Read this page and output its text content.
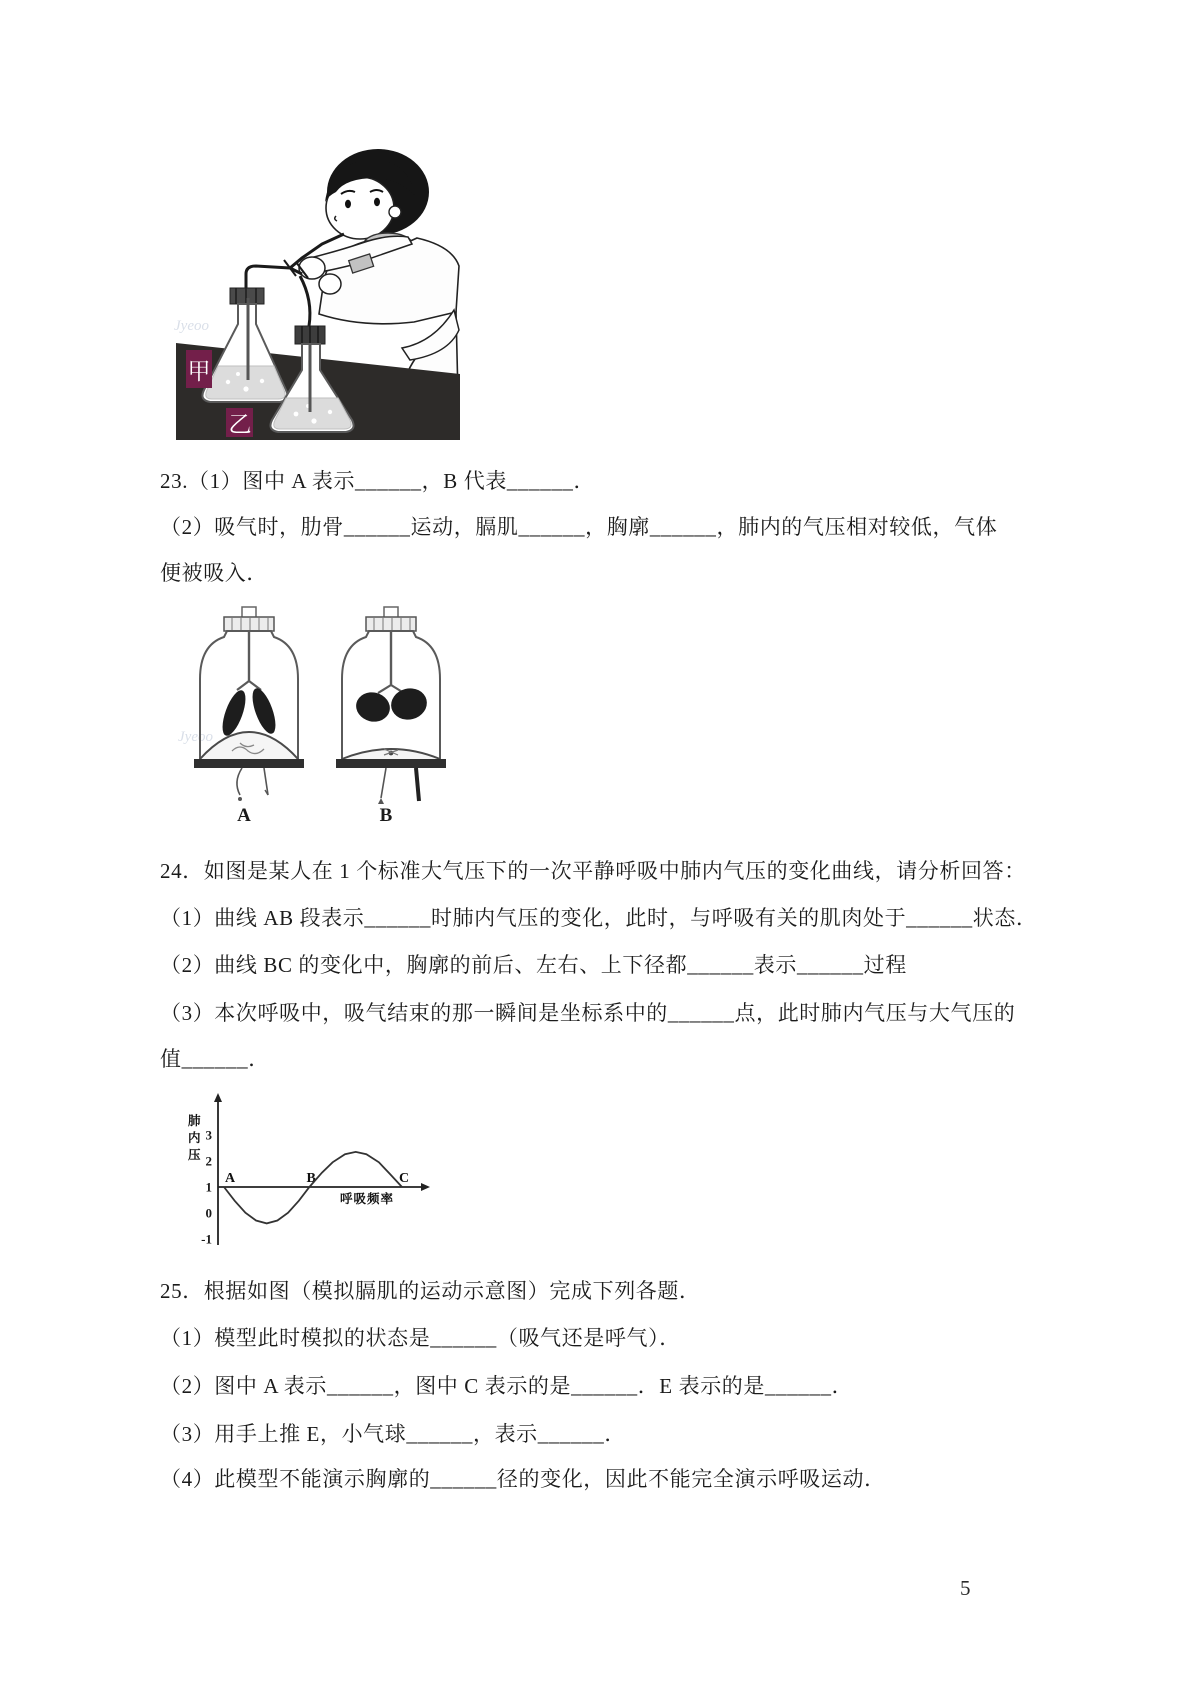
Jyeoo
甲
乙
23.（1）图中 A 表示______，B 代表______．
（2）吸气时，肋骨______运动，膈肌______，胸廓______，肺内的气压相对较低，气体
便被吸入．
Jyeoo
A	B
24．如图是某人在 1 个标准大气压下的一次平静呼吸中肺内气压的变化曲线，请分析回答：
（1）曲线 AB 段表示______时肺内气压的变化，此时，与呼吸有关的肌肉处于______状态．
（2）曲线 BC 的变化中，胸廓的前后、左右、上下径都______表示______过程
（3）本次呼吸中，吸气结束的那一瞬间是坐标系中的______点，此时肺内气压与大气压的
值______．
3
2
1
0
-1
A	B	C
肺内压
呼吸频率
25．根据如图（模拟膈肌的运动示意图）完成下列各题．
（1）模型此时模拟的状态是______（吸气还是呼气）．
（2）图中 A 表示______，图中 C 表示的是______．E 表示的是______．
（3）用手上推 E，小气球______，表示______．
（4）此模型不能演示胸廓的______径的变化，因此不能完全演示呼吸运动．
5
